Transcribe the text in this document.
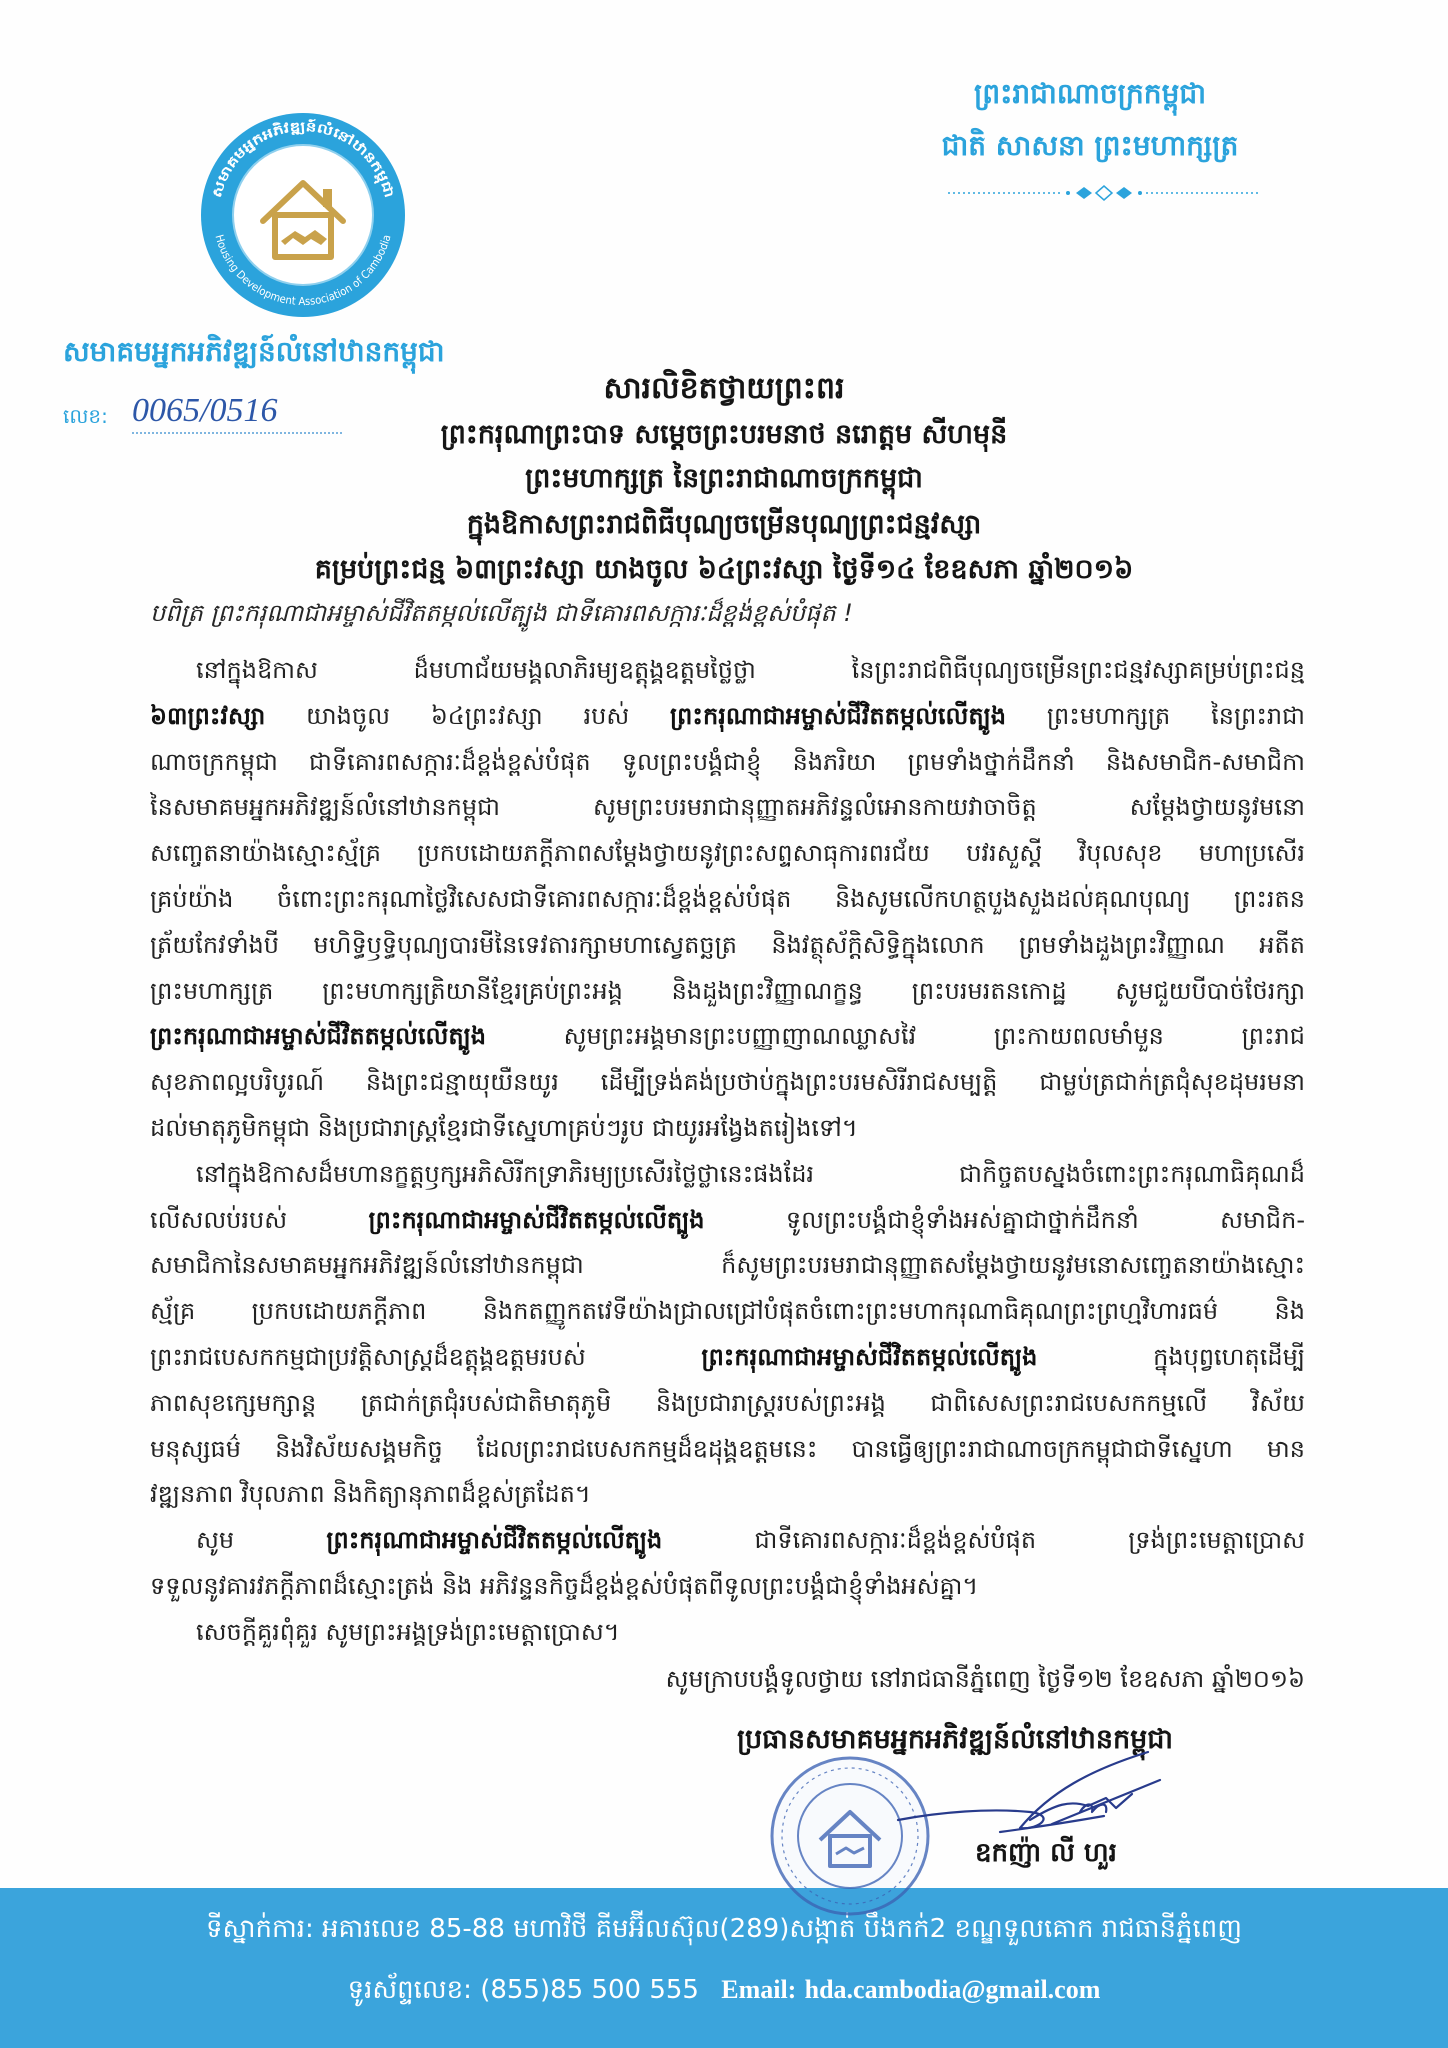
សមាគមអ្នកអភិវឌ្ឍន៍លំនៅឋានកម្ពុជា
Housing Development Association of Cambodia
សមាគមអ្នកអភិវឌ្ឍន៍លំនៅឋានកម្ពុជា
លេខ: 0065/0516
ព្រះរាជាណាចក្រកម្ពុជា
ជាតិ សាសនា ព្រះមហាក្សត្រ
សារលិខិតថ្វាយព្រះពរ
ព្រះករុណាព្រះបាទ សម្តេចព្រះបរមនាថ នរោត្តម សីហមុនី
ព្រះមហាក្សត្រ នៃព្រះរាជាណាចក្រកម្ពុជា
ក្នុងឱកាសព្រះរាជពិធីបុណ្យចម្រើនបុណ្យព្រះជន្មវស្សា
គម្រប់ព្រះជន្ម ៦៣ព្រះវស្សា យាងចូល ៦៤ព្រះវស្សា ថ្ងៃទី១៤ ខែឧសភា ឆ្នាំ២០១៦
បពិត្រ ព្រះករុណាជាអម្ចាស់ជីវិតតម្កល់លើត្បូង ជាទីគោរពសក្ការៈដ៏ខ្ពង់ខ្ពស់បំផុត !
នៅក្នុងឱកាស ដ៏មហាជ័យមង្គលាភិរម្យឧត្តុង្គឧត្តមថ្លៃថ្លា នៃព្រះរាជពិធីបុណ្យចម្រើនព្រះជន្មវស្សាគម្រប់ព្រះជន្ម
៦៣ព្រះវស្សា យាងចូល ៦៤ព្រះវស្សា របស់ ព្រះករុណាជាអម្ចាស់ជីវិតតម្កល់លើត្បូង ព្រះមហាក្សត្រ នៃព្រះរាជា
ណាចក្រកម្ពុជា ជាទីគោរពសក្ការៈដ៏ខ្ពង់ខ្ពស់បំផុត ទូលព្រះបង្គំជាខ្ញុំ និងភរិយា ព្រមទាំងថ្នាក់ដឹកនាំ និងសមាជិក-សមាជិកា
នៃសមាគមអ្នកអភិវឌ្ឍន៍លំនៅឋានកម្ពុជា សូមព្រះបរមរាជានុញ្ញាតអភិវន្ទលំអោនកាយវាចាចិត្ត សម្តែងថ្វាយនូវមនោ
សញ្ចេតនាយ៉ាងស្មោះស្ម័គ្រ ប្រកបដោយភក្តីភាពសម្តែងថ្វាយនូវព្រះសព្ទសាធុការពរជ័យ បវរសួស្តី វិបុលសុខ មហាប្រសើរ
គ្រប់យ៉ាង ចំពោះព្រះករុណាថ្លៃវិសេសជាទីគោរពសក្ការៈដ៏ខ្ពង់ខ្ពស់បំផុត និងសូមលើកហត្ថបួងសួងដល់គុណបុណ្យ ព្រះរតន
ត្រ័យកែវទាំងបី មហិទ្ធិឫទ្ធិបុណ្យបារមីនៃទេវតារក្សាមហាស្វេតច្ឆត្រ និងវត្ថុស័ក្តិសិទ្ធិក្នុងលោក ព្រមទាំងដួងព្រះវិញ្ញាណ អតីត
ព្រះមហាក្សត្រ ព្រះមហាក្សត្រិយានីខ្មែរគ្រប់ព្រះអង្គ និងដួងព្រះវិញ្ញាណក្ខន្ធ ព្រះបរមរតនកោដ្ឋ សូមជួយបីបាច់ថែរក្សា
ព្រះករុណាជាអម្ចាស់ជីវិតតម្កល់លើត្បូង សូមព្រះអង្គមានព្រះបញ្ញាញាណឈ្លាសវៃ ព្រះកាយពលមាំមួន ព្រះរាជ
សុខភាពល្អបរិបូរណ៍ និងព្រះជន្មាយុយឺនយូរ ដើម្បីទ្រង់គង់ប្រថាប់ក្នុងព្រះបរមសិរីរាជសម្បត្តិ ជាម្លប់ត្រជាក់ត្រជុំសុខដុមរមនា
ដល់មាតុភូមិកម្ពុជា និងប្រជារាស្ត្រខ្មែរជាទីស្នេហាគ្រប់ៗរូប ជាយូរអង្វែងតរៀងទៅ។
នៅក្នុងឱកាសដ៏មហានក្ខត្តឫក្សអភិសិរីកទ្រាភិរម្យប្រសើរថ្លៃថ្លានេះផងដែរ ជាកិច្ចតបស្នងចំពោះព្រះករុណាធិគុណដ៏
លើសលប់របស់ ព្រះករុណាជាអម្ចាស់ជីវិតតម្កល់លើត្បូង ទូលព្រះបង្គំជាខ្ញុំទាំងអស់គ្នាជាថ្នាក់ដឹកនាំ សមាជិក-
សមាជិកានៃសមាគមអ្នកអភិវឌ្ឍន៍លំនៅឋានកម្ពុជា ក៏សូមព្រះបរមរាជានុញ្ញាតសម្តែងថ្វាយនូវមនោសញ្ចេតនាយ៉ាងស្មោះ
ស្ម័គ្រ ប្រកបដោយភក្តីភាព និងកតញ្ញូកតវេទីយ៉ាងជ្រាលជ្រៅបំផុតចំពោះព្រះមហាករុណាធិគុណព្រះព្រហ្មវិហារធម៌ និង
ព្រះរាជបេសកកម្មជាប្រវត្តិសាស្ត្រដ៏ឧត្តុង្គឧត្តមរបស់ ព្រះករុណាជាអម្ចាស់ជីវិតតម្កល់លើត្បូង ក្នុងបុព្វហេតុដើម្បី
ភាពសុខក្សេមក្សាន្ត ត្រជាក់ត្រជុំរបស់ជាតិមាតុភូមិ និងប្រជារាស្ត្ររបស់ព្រះអង្គ ជាពិសេសព្រះរាជបេសកកម្មលើ វិស័យ
មនុស្សធម៌ និងវិស័យសង្គមកិច្ច ដែលព្រះរាជបេសកកម្មដ៏ឧដុង្គឧត្តមនេះ បានធ្វើឲ្យព្រះរាជាណាចក្រកម្ពុជាជាទីស្នេហា មាន
វឌ្ឍនភាព វិបុលភាព និងកិត្យានុភាពដ៏ខ្ពស់ត្រដែត។
សូម ព្រះករុណាជាអម្ចាស់ជីវិតតម្កល់លើត្បូង ជាទីគោរពសក្ការៈដ៏ខ្ពង់ខ្ពស់បំផុត ទ្រង់ព្រះមេត្តាប្រោស
ទទួលនូវគារវភក្តីភាពដ៏ស្មោះត្រង់ និង អភិវន្ទនកិច្ចដ៏ខ្ពង់ខ្ពស់បំផុតពីទូលព្រះបង្គំជាខ្ញុំទាំងអស់គ្នា។
សេចក្តីគួរពុំគួរ សូមព្រះអង្គទ្រង់ព្រះមេត្តាប្រោស។
សូមក្រាបបង្គំទូលថ្វាយ នៅរាជធានីភ្នំពេញ ថ្ងៃទី១២ ខែឧសភា ឆ្នាំ២០១៦
ប្រធានសមាគមអ្នកអភិវឌ្ឍន៍លំនៅឋានកម្ពុជា
ឧកញ៉ា លី ហួរ
ទីស្នាក់ការ: អគារលេខ 85-88 មហាវិថី គីមអ៊ីលស៊ុល(289)សង្កាត់ បឹងកក់2 ខណ្ឌទួលគោក រាជធានីភ្នំពេញ
ទូរស័ព្ទលេខ: (855)85 500 555 Email: hda.cambodia@gmail.com
